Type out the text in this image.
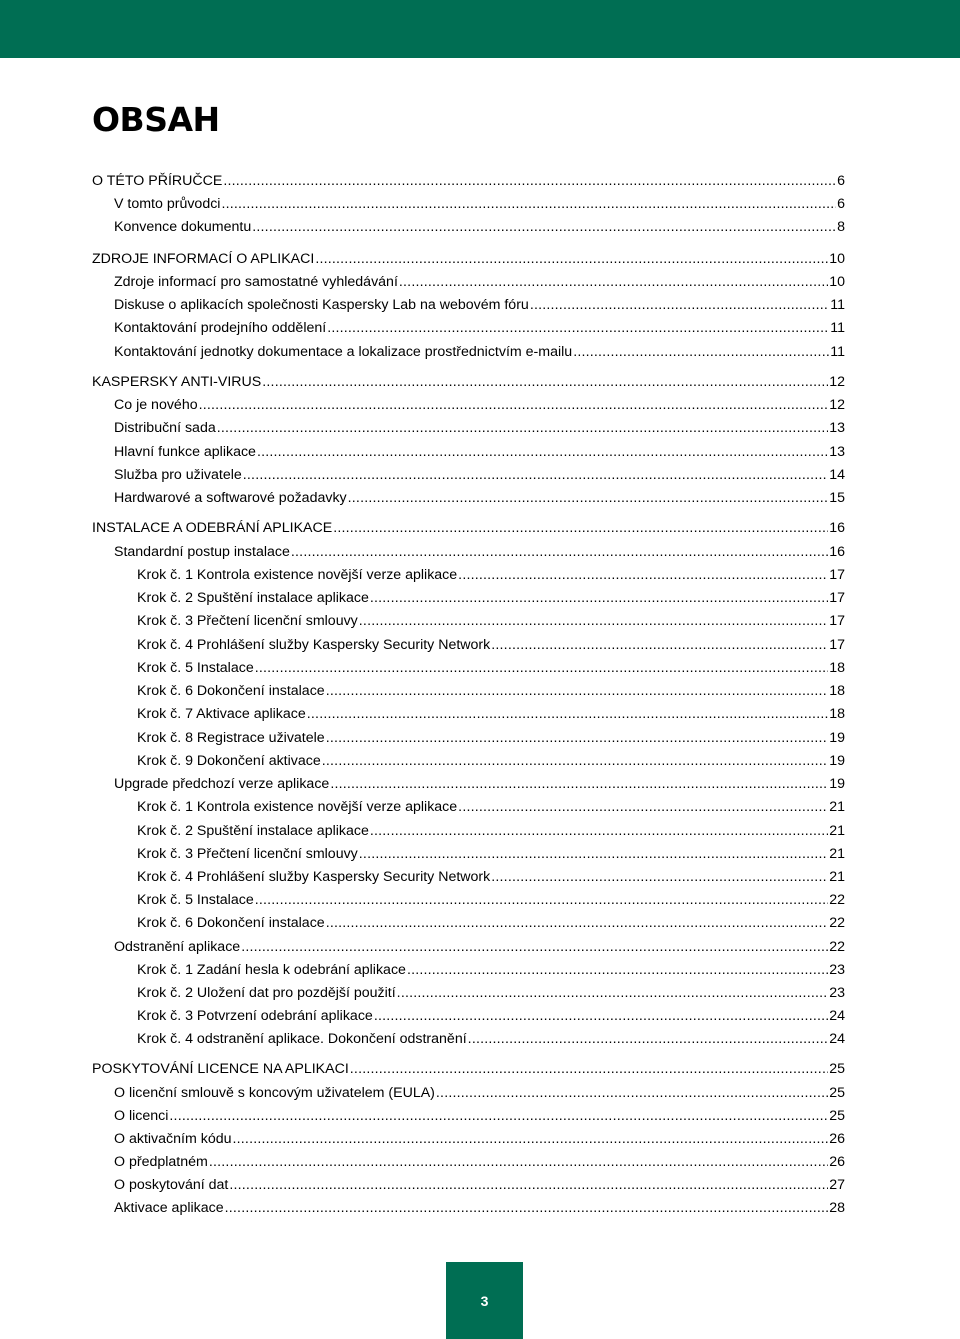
OBSAH
O TÉTO PŘÍRUČCE .....	6
V tomto průvodci .....	6
Konvence dokumentu .....	8
ZDROJE INFORMACÍ O APLIKACI .....	10
Zdroje informací pro samostatné vyhledávání .....	10
Diskuse o aplikacích společnosti Kaspersky Lab na webovém fóru .....	11
Kontaktování prodejního oddělení .....	11
Kontaktování jednotky dokumentace a lokalizace prostřednictvím e-mailu .....	11
KASPERSKY ANTI-VIRUS .....	12
Co je nového .....	12
Distribuční sada .....	13
Hlavní funkce aplikace .....	13
Služba pro uživatele .....	14
Hardwarové a softwarové požadavky .....	15
INSTALACE A ODEBRÁNÍ APLIKACE .....	16
Standardní postup instalace .....	16
Krok č. 1 Kontrola existence novější verze aplikace .....	17
Krok č. 2 Spuštění instalace aplikace .....	17
Krok č. 3 Přečtení licenční smlouvy .....	17
Krok č. 4 Prohlášení služby Kaspersky Security Network .....	17
Krok č. 5 Instalace .....	18
Krok č. 6 Dokončení instalace .....	18
Krok č. 7 Aktivace aplikace .....	18
Krok č. 8 Registrace uživatele .....	19
Krok č. 9 Dokončení aktivace .....	19
Upgrade předchozí verze aplikace .....	19
Krok č. 1 Kontrola existence novější verze aplikace .....	21
Krok č. 2 Spuštění instalace aplikace .....	21
Krok č. 3 Přečtení licenční smlouvy .....	21
Krok č. 4 Prohlášení služby Kaspersky Security Network .....	21
Krok č. 5 Instalace .....	22
Krok č. 6 Dokončení instalace .....	22
Odstranění aplikace .....	22
Krok č. 1 Zadání hesla k odebrání aplikace .....	23
Krok č. 2 Uložení dat pro pozdější použití .....	23
Krok č. 3 Potvrzení odebrání aplikace .....	24
Krok č. 4 odstranění aplikace. Dokončení odstranění .....	24
POSKYTOVÁNÍ LICENCE NA APLIKACI .....	25
O licenční smlouvě s koncovým uživatelem (EULA) .....	25
O licenci .....	25
O aktivačním kódu .....	26
O předplatném .....	26
O poskytování dat .....	27
Aktivace aplikace .....	28
3
